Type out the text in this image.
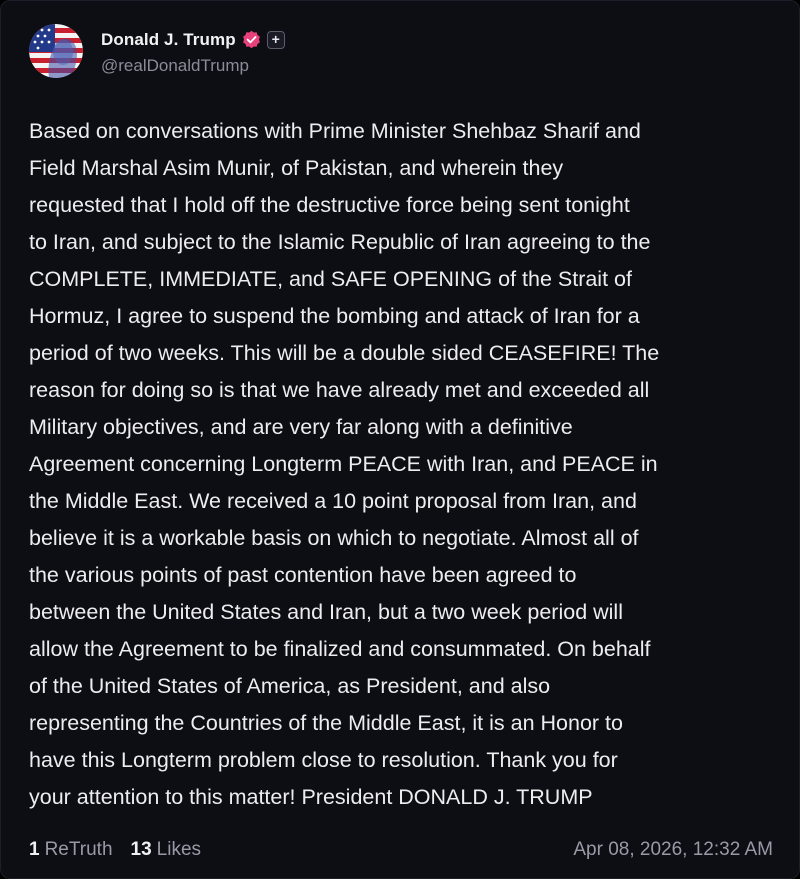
Donald J. Trump	+
@realDonaldTrump
Based on conversations with Prime Minister Shehbaz Sharif and
Field Marshal Asim Munir, of Pakistan, and wherein they
requested that I hold off the destructive force being sent tonight
to Iran, and subject to the Islamic Republic of Iran agreeing to the
COMPLETE, IMMEDIATE, and SAFE OPENING of the Strait of
Hormuz, I agree to suspend the bombing and attack of Iran for a
period of two weeks. This will be a double sided CEASEFIRE! The
reason for doing so is that we have already met and exceeded all
Military objectives, and are very far along with a definitive
Agreement concerning Longterm PEACE with Iran, and PEACE in
the Middle East. We received a 10 point proposal from Iran, and
believe it is a workable basis on which to negotiate. Almost all of
the various points of past contention have been agreed to
between the United States and Iran, but a two week period will
allow the Agreement to be finalized and consummated. On behalf
of the United States of America, as President, and also
representing the Countries of the Middle East, it is an Honor to
have this Longterm problem close to resolution. Thank you for
your attention to this matter! President DONALD J. TRUMP
1 ReTruth 13 Likes	Apr 08, 2026, 12:32 AM
